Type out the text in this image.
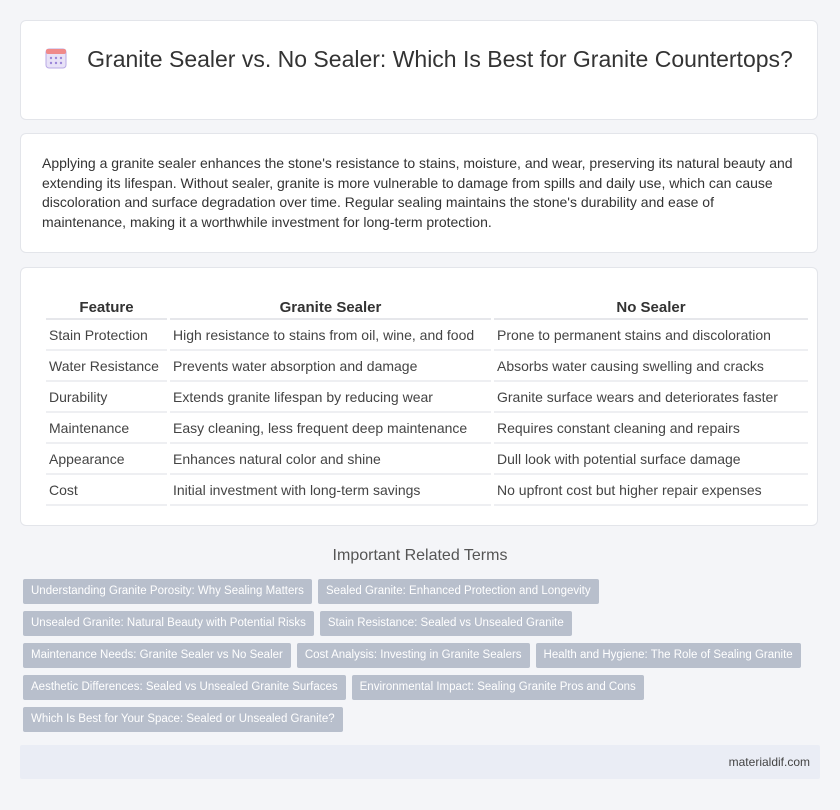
Granite Sealer vs. No Sealer: Which Is Best for Granite Countertops?
Applying a granite sealer enhances the stone's resistance to stains, moisture, and wear, preserving its natural beauty and extending its lifespan. Without sealer, granite is more vulnerable to damage from spills and daily use, which can cause discoloration and surface degradation over time. Regular sealing maintains the stone's durability and ease of maintenance, making it a worthwhile investment for long-term protection.
Feature	Granite Sealer	No Sealer
Stain Protection	High resistance to stains from oil, wine, and food	Prone to permanent stains and discoloration
Water Resistance	Prevents water absorption and damage	Absorbs water causing swelling and cracks
Durability	Extends granite lifespan by reducing wear	Granite surface wears and deteriorates faster
Maintenance	Easy cleaning, less frequent deep maintenance	Requires constant cleaning and repairs
Appearance	Enhances natural color and shine	Dull look with potential surface damage
Cost	Initial investment with long-term savings	No upfront cost but higher repair expenses
Important Related Terms
Understanding Granite Porosity: Why Sealing Matters	Sealed Granite: Enhanced Protection and Longevity
Unsealed Granite: Natural Beauty with Potential Risks	Stain Resistance: Sealed vs Unsealed Granite
Maintenance Needs: Granite Sealer vs No Sealer	Cost Analysis: Investing in Granite Sealers	Health and Hygiene: The Role of Sealing Granite
Aesthetic Differences: Sealed vs Unsealed Granite Surfaces	Environmental Impact: Sealing Granite Pros and Cons
Which Is Best for Your Space: Sealed or Unsealed Granite?
materialdif.com
